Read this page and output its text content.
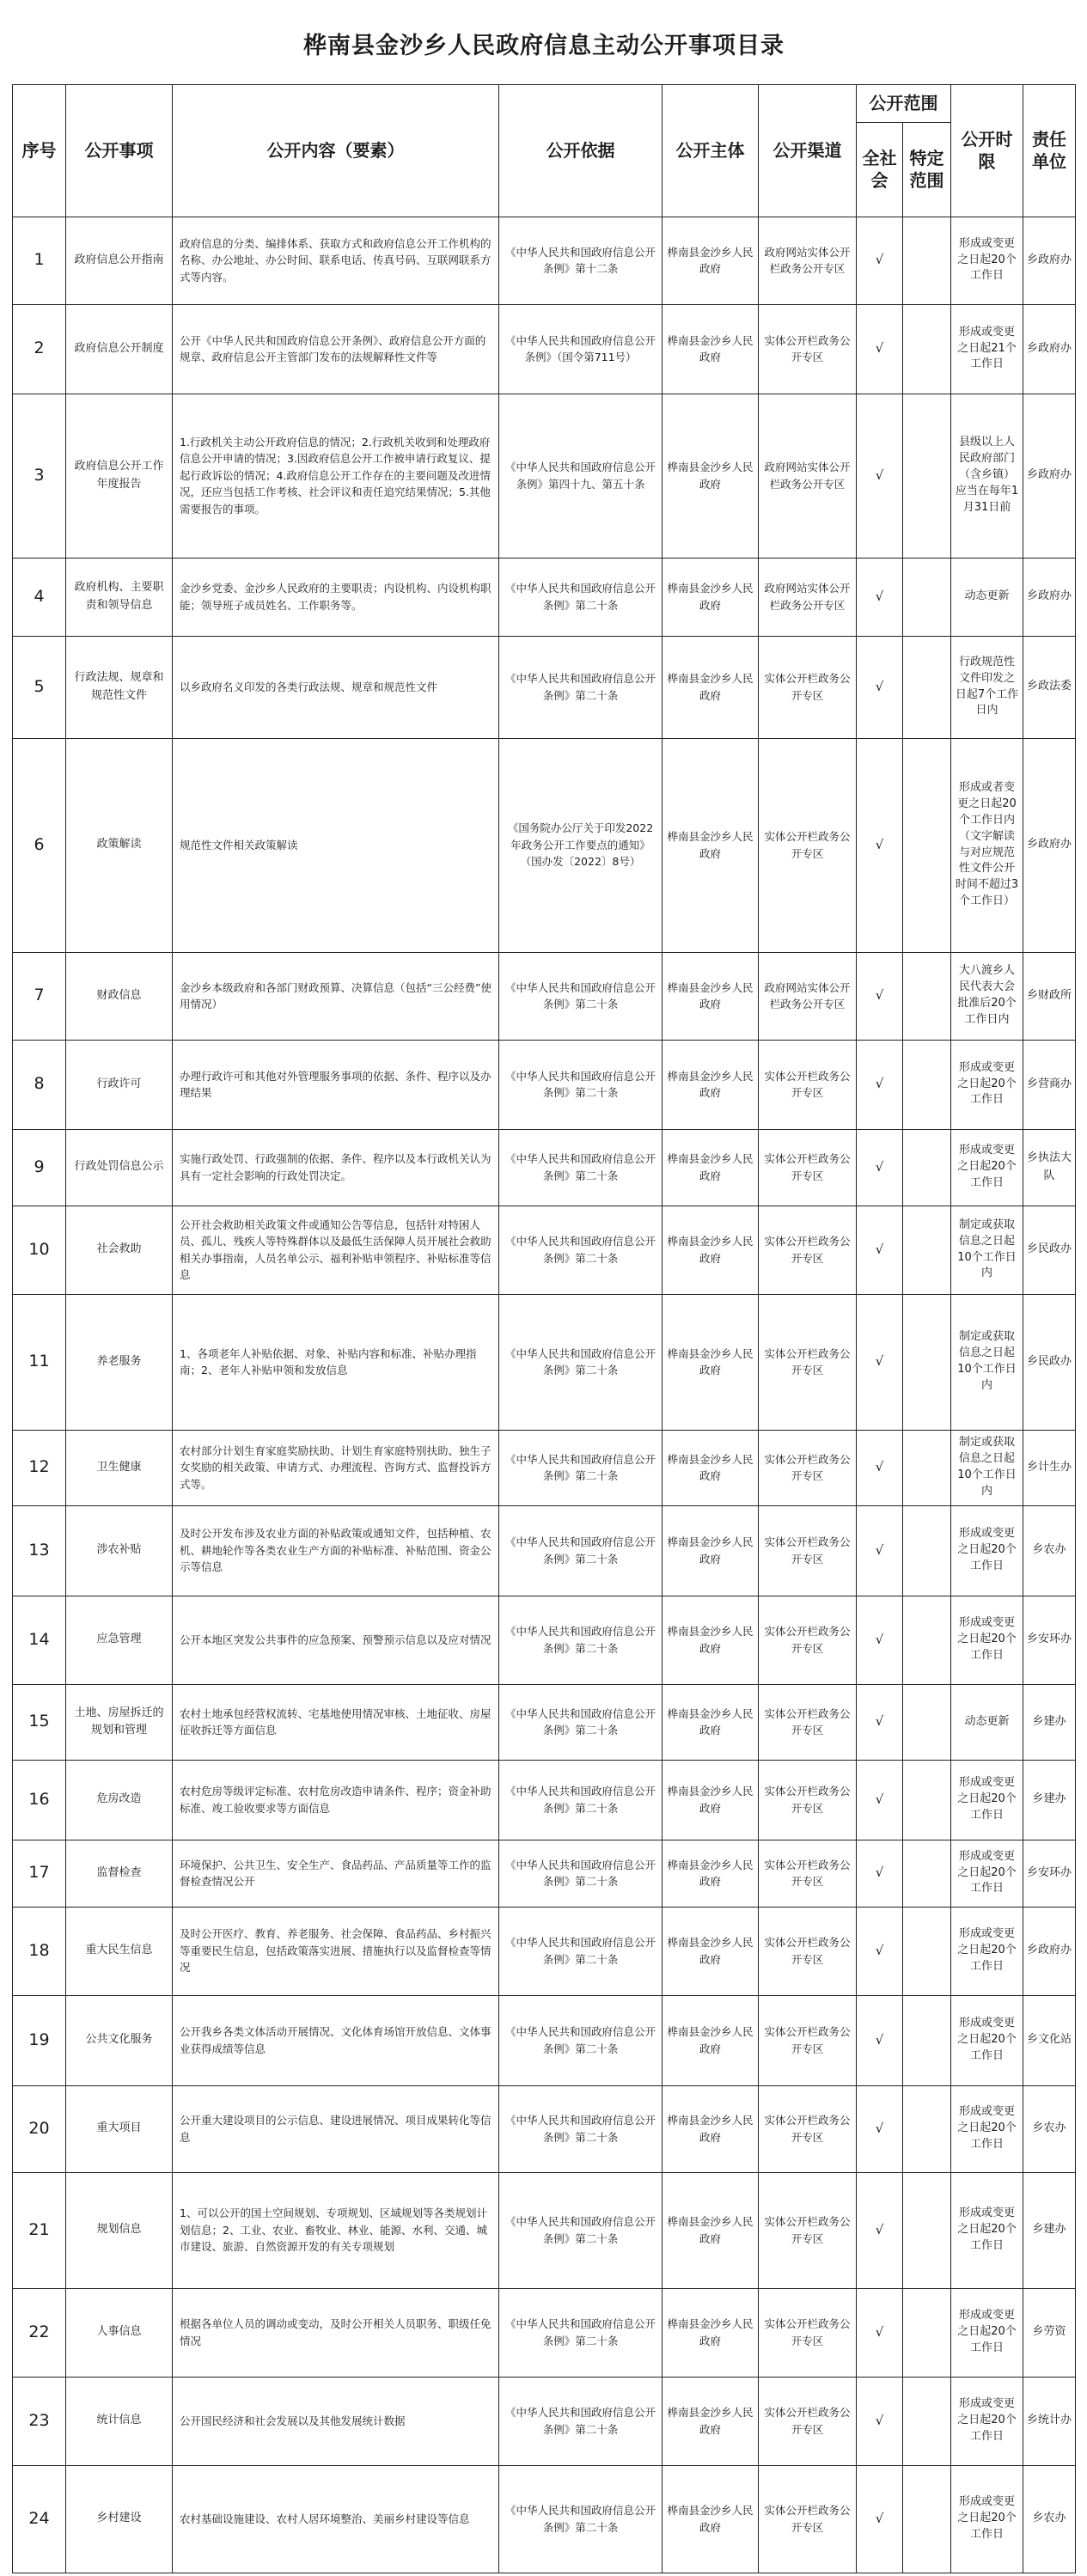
桦南县金沙乡人民政府信息主动公开事项目录									
序号	公开事项	公开内容（要素）	公开依据	公开主体	公开渠道	公开范围		公开时限	责任单位
						全社会	特定范围		
1	政府信息公开指南	政府信息的分类、编排体系、获取方式和政府信息公开工作机构的名称、办公地址、办公时间、联系电话、传真号码、互联网联系方式等内容。	《中华人民共和国政府信息公开条例》第十二条	桦南县金沙乡人民政府	政府网站实体公开栏政务公开专区	√		形成或变更之日起20个工作日	乡政府办
2	政府信息公开制度	公开《中华人民共和国政府信息公开条例》、政府信息公开方面的规章、政府信息公开主管部门发布的法规解释性文件等	《中华人民共和国政府信息公开条例》（国令第711号）	桦南县金沙乡人民政府	实体公开栏政务公开专区	√		形成或变更之日起21个工作日	乡政府办
3	政府信息公开工作年度报告	1.行政机关主动公开政府信息的情况；2.行政机关收到和处理政府信息公开申请的情况；3.因政府信息公开工作被申请行政复议、提起行政诉讼的情况；4.政府信息公开工作存在的主要问题及改进情况，还应当包括工作考核、社会评议和责任追究结果情况；5.其他需要报告的事项。	《中华人民共和国政府信息公开条例》第四十九、第五十条	桦南县金沙乡人民政府	政府网站实体公开栏政务公开专区	√		县级以上人民政府部门（含乡镇）应当在每年1月31日前	乡政府办
4	政府机构、主要职责和领导信息	金沙乡党委、金沙乡人民政府的主要职责；内设机构、内设机构职能；领导班子成员姓名、工作职务等。	《中华人民共和国政府信息公开条例》第二十条	桦南县金沙乡人民政府	政府网站实体公开栏政务公开专区	√		动态更新	乡政府办
5	行政法规、规章和规范性文件	以乡政府名义印发的各类行政法规、规章和规范性文件	《中华人民共和国政府信息公开条例》第二十条	桦南县金沙乡人民政府	实体公开栏政务公开专区	√		行政规范性文件印发之日起7个工作日内	乡政法委
6	政策解读	规范性文件相关政策解读	《国务院办公厅关于印发2022年政务公开工作要点的通知》（国办发〔2022〕8号）	桦南县金沙乡人民政府	实体公开栏政务公开专区	√		形成或者变更之日起20个工作日内（文字解读与对应规范性文件公开时间不超过3个工作日）	乡政府办
7	财政信息	金沙乡本级政府和各部门财政预算、决算信息（包括“三公经费”使用情况）	《中华人民共和国政府信息公开条例》第二十条	桦南县金沙乡人民政府	政府网站实体公开栏政务公开专区	√		大八渡乡人民代表大会批准后20个工作日内	乡财政所
8	行政许可	办理行政许可和其他对外管理服务事项的依据、条件、程序以及办理结果	《中华人民共和国政府信息公开条例》第二十条	桦南县金沙乡人民政府	实体公开栏政务公开专区	√		形成或变更之日起20个工作日	乡营商办
9	行政处罚信息公示	实施行政处罚、行政强制的依据、条件、程序以及本行政机关认为具有一定社会影响的行政处罚决定。	《中华人民共和国政府信息公开条例》第二十条	桦南县金沙乡人民政府	实体公开栏政务公开专区	√		形成或变更之日起20个工作日	乡执法大队
10	社会救助	公开社会救助相关政策文件或通知公告等信息，包括针对特困人员、孤儿、残疾人等特殊群体以及最低生活保障人员开展社会救助相关办事指南，人员名单公示、福利补贴申领程序、补贴标准等信息	《中华人民共和国政府信息公开条例》第二十条	桦南县金沙乡人民政府	实体公开栏政务公开专区	√		制定或获取信息之日起10个工作日内	乡民政办
11	养老服务	1、各项老年人补贴依据、对象、补贴内容和标准、补贴办理指南；2、老年人补贴申领和发放信息	《中华人民共和国政府信息公开条例》第二十条	桦南县金沙乡人民政府	实体公开栏政务公开专区	√		制定或获取信息之日起10个工作日内	乡民政办
12	卫生健康	农村部分计划生育家庭奖励扶助、计划生育家庭特别扶助、独生子女奖励的相关政策、申请方式、办理流程、咨询方式、监督投诉方式等。	《中华人民共和国政府信息公开条例》第二十条	桦南县金沙乡人民政府	实体公开栏政务公开专区	√		制定或获取信息之日起10个工作日内	乡计生办
13	涉农补贴	及时公开发布涉及农业方面的补贴政策或通知文件，包括种植、农机、耕地轮作等各类农业生产方面的补贴标准、补贴范围、资金公示等信息	《中华人民共和国政府信息公开条例》第二十条	桦南县金沙乡人民政府	实体公开栏政务公开专区	√		形成或变更之日起20个工作日	乡农办
14	应急管理	公开本地区突发公共事件的应急预案、预警预示信息以及应对情况	《中华人民共和国政府信息公开条例》第二十条	桦南县金沙乡人民政府	实体公开栏政务公开专区	√		形成或变更之日起20个工作日	乡安环办
15	土地、房屋拆迁的规划和管理	农村土地承包经营权流转、宅基地使用情况审核、土地征收、房屋征收拆迁等方面信息	《中华人民共和国政府信息公开条例》第二十条	桦南县金沙乡人民政府	实体公开栏政务公开专区	√		动态更新	乡建办
16	危房改造	农村危房等级评定标准、农村危房改造申请条件、程序；资金补助标准、竣工验收要求等方面信息	《中华人民共和国政府信息公开条例》第二十条	桦南县金沙乡人民政府	实体公开栏政务公开专区	√		形成或变更之日起20个工作日	乡建办
17	监督检查	环境保护、公共卫生、安全生产、食品药品、产品质量等工作的监督检查情况公开	《中华人民共和国政府信息公开条例》第二十条	桦南县金沙乡人民政府	实体公开栏政务公开专区	√		形成或变更之日起20个工作日	乡安环办
18	重大民生信息	及时公开医疗、教育、养老服务、社会保障、食品药品、乡村振兴等重要民生信息，包括政策落实进展、措施执行以及监督检查等情况	《中华人民共和国政府信息公开条例》第二十条	桦南县金沙乡人民政府	实体公开栏政务公开专区	√		形成或变更之日起20个工作日	乡政府办
19	公共文化服务	公开我乡各类文体活动开展情况、文化体育场馆开放信息、文体事业获得成绩等信息	《中华人民共和国政府信息公开条例》第二十条	桦南县金沙乡人民政府	实体公开栏政务公开专区	√		形成或变更之日起20个工作日	乡文化站
20	重大项目	公开重大建设项目的公示信息、建设进展情况、项目成果转化等信息	《中华人民共和国政府信息公开条例》第二十条	桦南县金沙乡人民政府	实体公开栏政务公开专区	√		形成或变更之日起20个工作日	乡农办
21	规划信息	1、可以公开的国土空间规划、专项规划、区域规划等各类规划计划信息；2、工业、农业、畜牧业、林业、能源、水利、交通、城市建设、旅游、自然资源开发的有关专项规划	《中华人民共和国政府信息公开条例》第二十条	桦南县金沙乡人民政府	实体公开栏政务公开专区	√		形成或变更之日起20个工作日	乡建办
22	人事信息	根据各单位人员的调动或变动，及时公开相关人员职务、职级任免情况	《中华人民共和国政府信息公开条例》第二十条	桦南县金沙乡人民政府	实体公开栏政务公开专区	√		形成或变更之日起20个工作日	乡劳资
23	统计信息	公开国民经济和社会发展以及其他发展统计数据	《中华人民共和国政府信息公开条例》第二十条	桦南县金沙乡人民政府	实体公开栏政务公开专区	√		形成或变更之日起20个工作日	乡统计办
24	乡村建设	农村基础设施建设、农村人居环境整治、美丽乡村建设等信息	《中华人民共和国政府信息公开条例》第二十条	桦南县金沙乡人民政府	实体公开栏政务公开专区	√		形成或变更之日起20个工作日	乡农办
